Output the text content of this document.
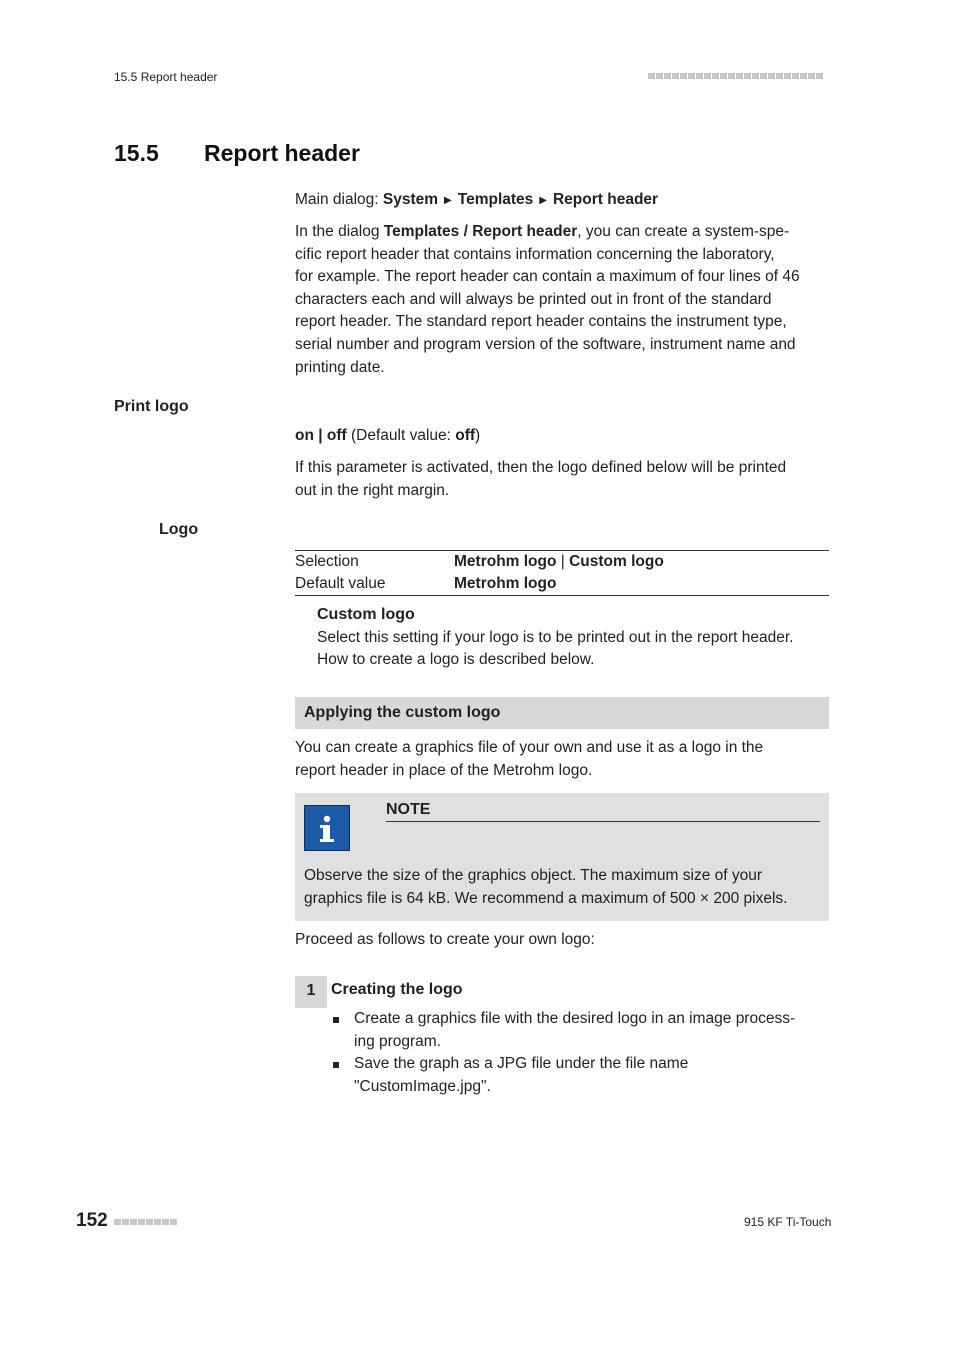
15.5 Report header
15.5 Report header
Main dialog: System ▶ Templates ▶ Report header
In the dialog Templates / Report header, you can create a system-spe-
cific report header that contains information concerning the laboratory,
for example. The report header can contain a maximum of four lines of 46
characters each and will always be printed out in front of the standard
report header. The standard report header contains the instrument type,
serial number and program version of the software, instrument name and
printing date.
Print logo
on | off (Default value: off)
If this parameter is activated, then the logo defined below will be printed
out in the right margin.
Logo
Selection	Metrohm logo | Custom logo
Default value	Metrohm logo
Custom logo
Select this setting if your logo is to be printed out in the report header.
How to create a logo is described below.
Applying the custom logo
You can create a graphics file of your own and use it as a logo in the
report header in place of the Metrohm logo.
NOTE
Observe the size of the graphics object. The maximum size of your
graphics file is 64 kB. We recommend a maximum of 500 × 200 pixels.
Proceed as follows to create your own logo:
1 Creating the logo
Create a graphics file with the desired logo in an image process-
ing program.
Save the graph as a JPG file under the file name
"CustomImage.jpg".
152	915 KF Ti-Touch
